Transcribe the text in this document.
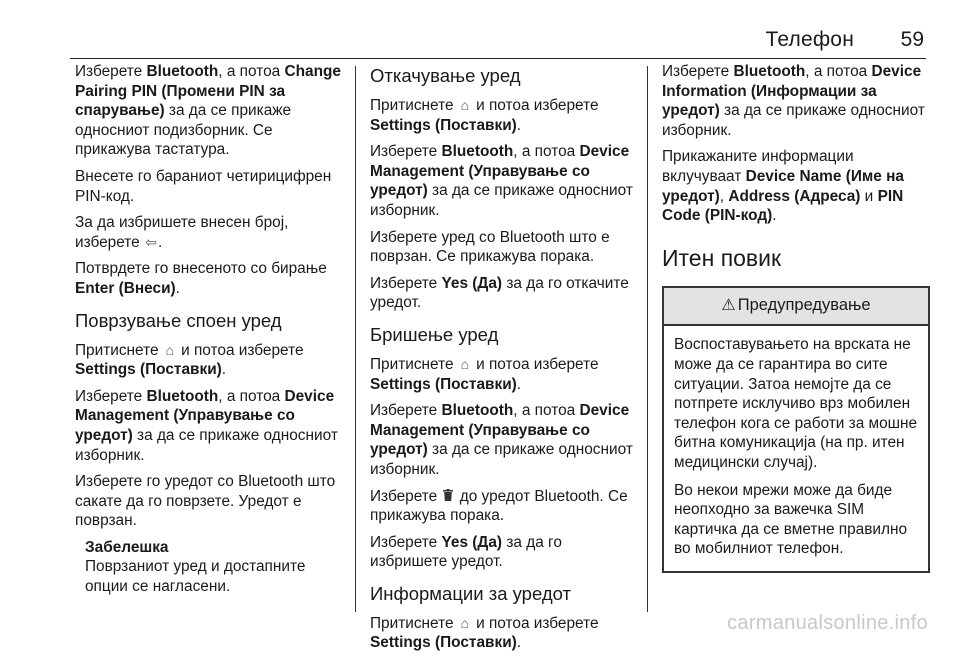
Телефон 59

Изберете Bluetooth, а потоа Change Pairing PIN (Промени PIN за спарување) за да се прикаже односниот подизборник. Се прикажува тастатура.

Внесете го бараниот четирицифрен PIN-код.

За да избришете внесен број, изберете ⇦.

Потврдете го внесеното со бирање Enter (Внеси).

Поврзување споен уред

Притиснете ⌂ и потоа изберете Settings (Поставки).

Изберете Bluetooth, а потоа Device Management (Управување со уредот) за да се прикаже односниот изборник.

Изберете го уредот со Bluetooth што сакате да го поврзете. Уредот е поврзан.

Забелешка
Поврзаниот уред и достапните опции се нагласени.
Откачување уред

Притиснете ⌂ и потоа изберете Settings (Поставки).

Изберете Bluetooth, а потоа Device Management (Управување со уредот) за да се прикаже односниот изборник.

Изберете уред со Bluetooth што е поврзан. Се прикажува порака.

Изберете Yes (Да) за да го откачите уредот.

Бришење уред

Притиснете ⌂ и потоа изберете Settings (Поставки).

Изберете Bluetooth, а потоа Device Management (Управување со уредот) за да се прикаже односниот изборник.

Изберете  до уредот Bluetooth. Се прикажува порака.

Изберете Yes (Да) за да го избришете уредот.

Информации за уредот

Притиснете ⌂ и потоа изберете Settings (Поставки).

Изберете Bluetooth, а потоа Device Information (Информации за уредот) за да се прикаже односниот изборник.

Прикажаните информации вклучуваат Device Name (Име на уредот), Address (Адреса) и PIN Code (PIN-код).

Итен повик
⚠ Предупредување

Воспоставувањето на врската не може да се гарантира во сите ситуации. Затоа немојте да се потпрете исклучиво врз мобилен телефон кога се работи за мошне битна комуникација (на пр. итен медицински случај).

Во некои мрежи може да биде неопходно за важечка SIM картичка да се вметне правилно во мобилниот телефон.

carmanualsonline.info
